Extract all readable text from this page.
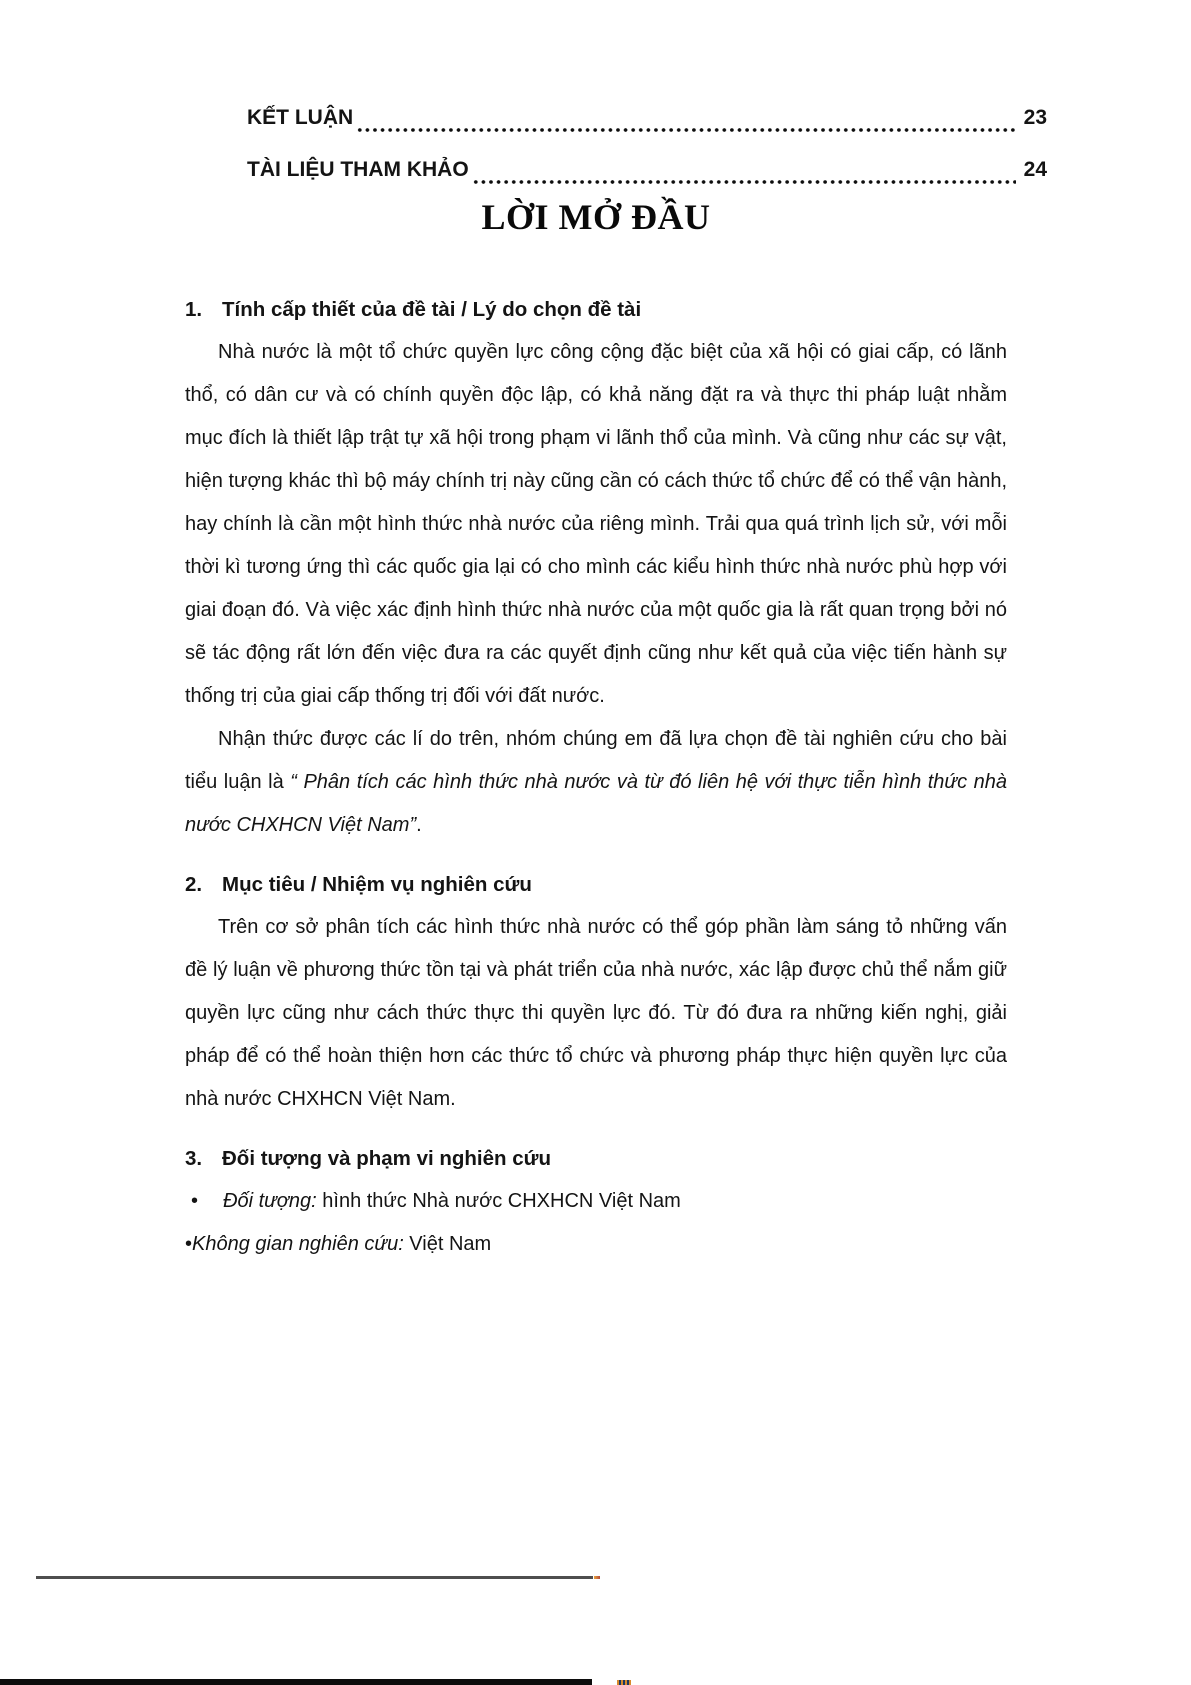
KẾT LUẬN	23
TÀI LIỆU THAM KHẢO	24
LỜI MỞ ĐẦU

1. Tính cấp thiết của đề tài / Lý do chọn đề tài

Nhà nước là một tổ chức quyền lực công cộng đặc biệt của xã hội có giai cấp, có lãnh thổ, có dân cư và có chính quyền độc lập, có khả năng đặt ra và thực thi pháp luật nhằm mục đích là thiết lập trật tự xã hội trong phạm vi lãnh thổ của mình. Và cũng như các sự vật, hiện tượng khác thì bộ máy chính trị này cũng cần có cách thức tổ chức để có thể vận hành, hay chính là cần một hình thức nhà nước của riêng mình. Trải qua quá trình lịch sử, với mỗi thời kì tương ứng thì các quốc gia lại có cho mình các kiểu hình thức nhà nước phù hợp với giai đoạn đó. Và việc xác định hình thức nhà nước của một quốc gia là rất quan trọng bởi nó sẽ tác động rất lớn đến việc đưa ra các quyết định cũng như kết quả của việc tiến hành sự thống trị của giai cấp thống trị đối với đất nước.

Nhận thức được các lí do trên, nhóm chúng em đã lựa chọn đề tài nghiên cứu cho bài tiểu luận là “ Phân tích các hình thức nhà nước và từ đó liên hệ với thực tiễn hình thức nhà nước CHXHCN Việt Nam”.

2. Mục tiêu / Nhiệm vụ nghiên cứu

Trên cơ sở phân tích các hình thức nhà nước có thể góp phần làm sáng tỏ những vấn đề lý luận về phương thức tồn tại và phát triển của nhà nước, xác lập được chủ thể nắm giữ quyền lực cũng như cách thức thực thi quyền lực đó. Từ đó đưa ra những kiến nghị, giải pháp để có thể hoàn thiện hơn các thức tổ chức và phương pháp thực hiện quyền lực của nhà nước CHXHCN Việt Nam.

3. Đối tượng và phạm vi nghiên cứu

•	Đối tượng: hình thức Nhà nước CHXHCN Việt Nam

• Không gian nghiên cứu: Việt Nam
